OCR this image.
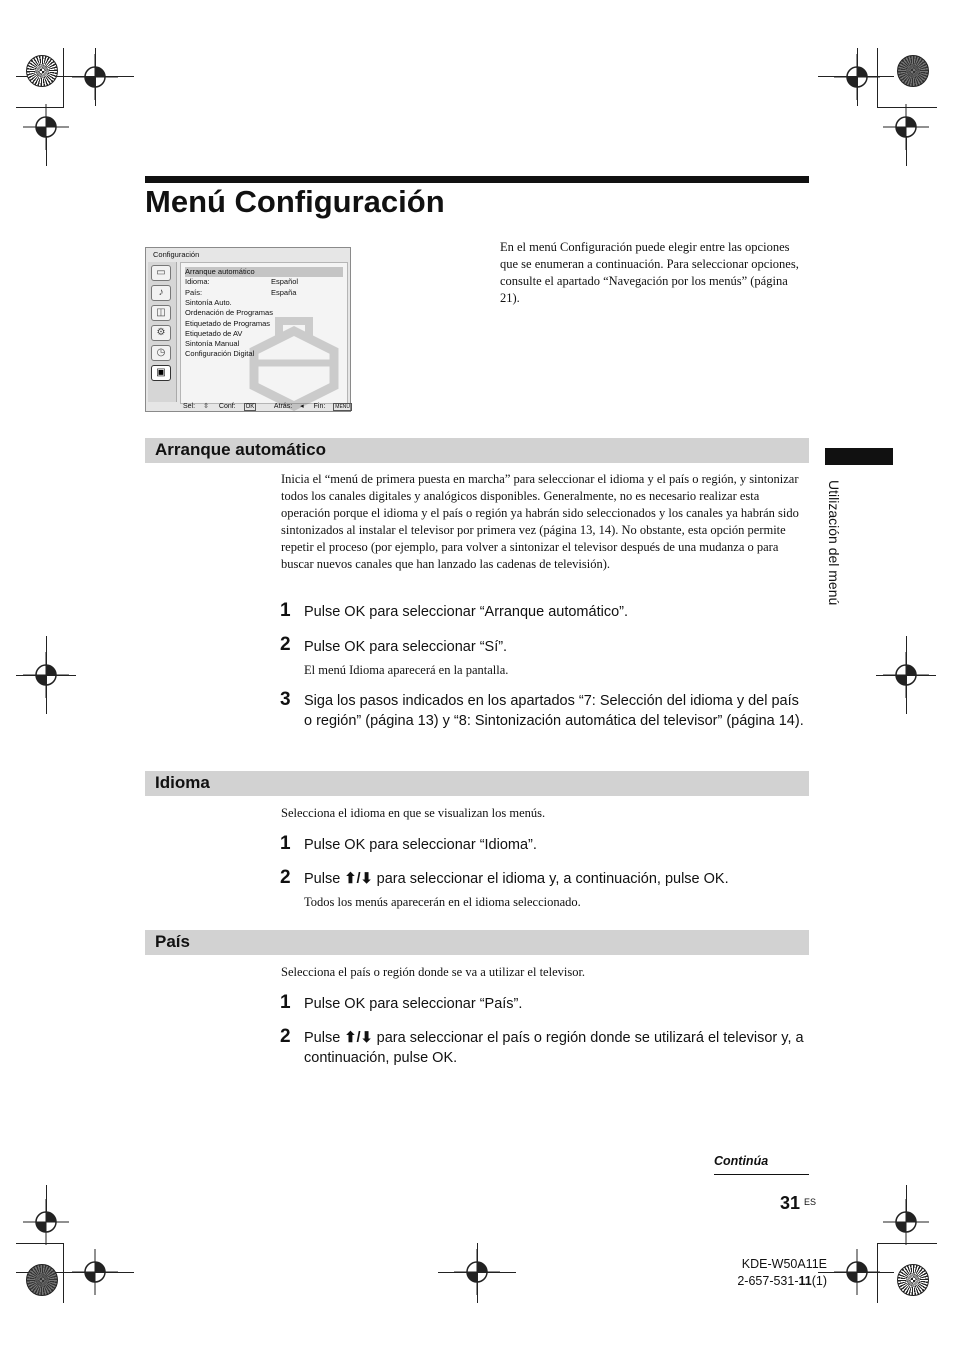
Menú Configuración
Configuración
▭
♪
◫
⚙
◷
▣
Arranque automático
Idioma:	Español
País:	España
Sintonía Auto.
Ordenación de Programas
Etiquetado de Programas
Etiquetado de AV
Sintonía Manual
Configuración Digital
Sel: ⇳ Conf: OK	Atrás: ◂ Fin: MENU
En el menú Configuración puede elegir entre las opciones que se enumeran a continuación. Para seleccionar opciones, consulte el apartado “Navegación por los menús” (página 21).
Utilización del menú
Arranque automático
Inicia el “menú de primera puesta en marcha” para seleccionar el idioma y el país o región, y sintonizar todos los canales digitales y analógicos disponibles. Generalmente, no es necesario realizar esta operación porque el idioma y el país o región ya habrán sido seleccionados y los canales ya habrán sido sintonizados al instalar el televisor por primera vez (página 13, 14). No obstante, esta opción permite repetir el proceso (por ejemplo, para volver a sintonizar el televisor después de una mudanza o para buscar nuevos canales que han lanzado las cadenas de televisión).
1 Pulse OK para seleccionar “Arranque automático”.
2 Pulse OK para seleccionar “Sí”.
El menú Idioma aparecerá en la pantalla.
3 Siga los pasos indicados en los apartados “7: Selección del idioma y del país o región” (página 13) y “8: Sintonización automática del televisor” (página 14).
Idioma
Selecciona el idioma en que se visualizan los menús.
1 Pulse OK para seleccionar “Idioma”.
2 Pulse ⬆/⬇ para seleccionar el idioma y, a continuación, pulse OK.
Todos los menús aparecerán en el idioma seleccionado.
País
Selecciona el país o región donde se va a utilizar el televisor.
1 Pulse OK para seleccionar “País”.
2 Pulse ⬆/⬇ para seleccionar el país o región donde se utilizará el televisor y, a continuación, pulse OK.
Continúa
31 ES
KDE-W50A11E
2-657-531-11(1)
